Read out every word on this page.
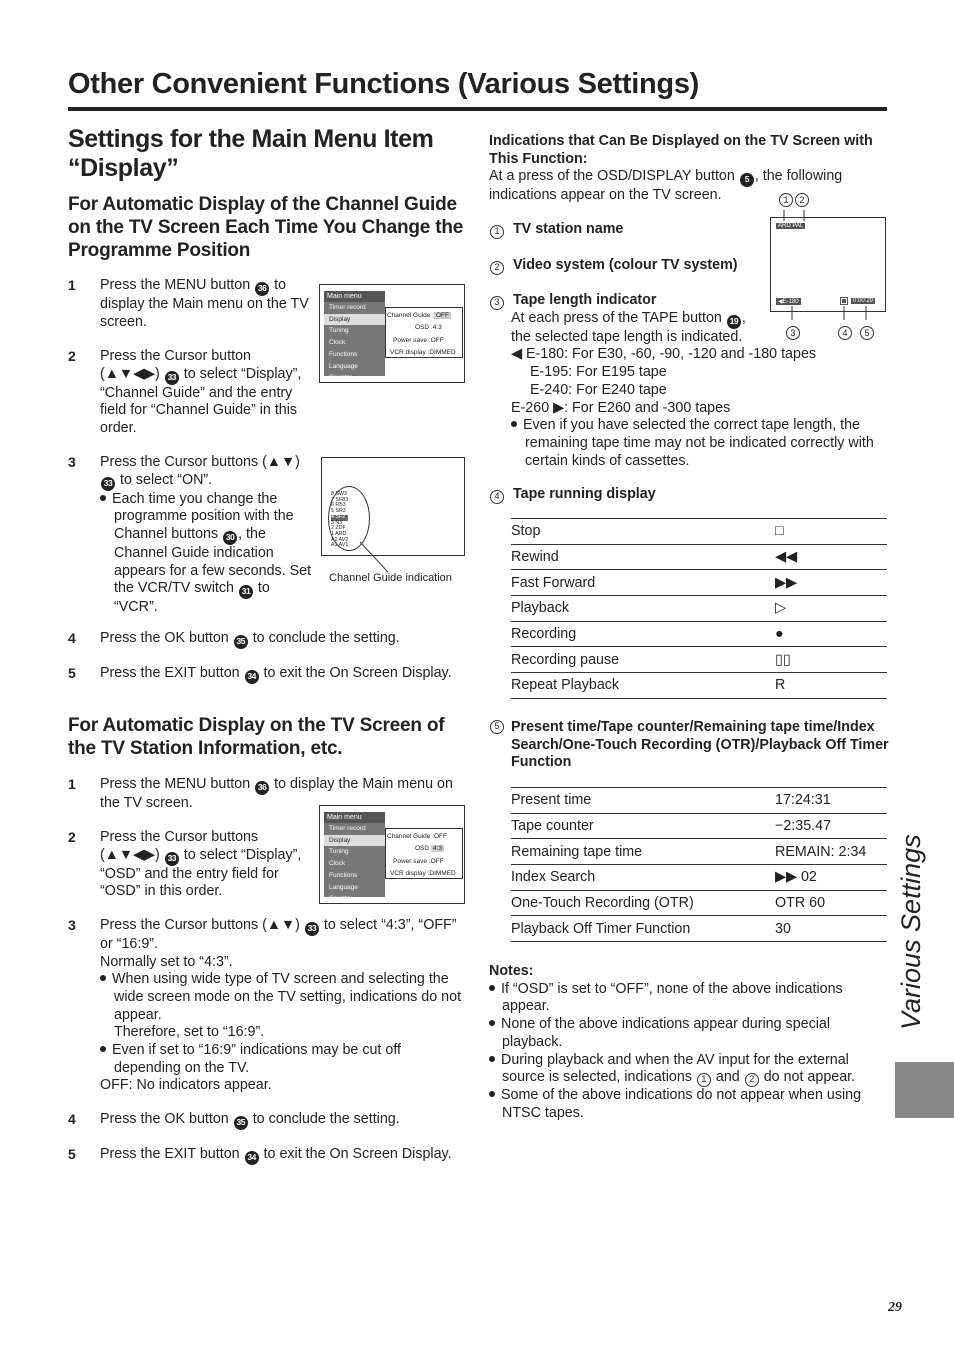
Other Convenient Functions (Various Settings)
Settings for the Main Menu Item “Display”
For Automatic Display of the Channel Guide on the TV Screen Each Time You Change the Programme Position
1	Press the MENU button 36 to display the Main menu on the TV screen.
2	Press the Cursor button (▲▼◀▶) 33 to select “Display”, “Channel Guide” and the entry field for “Channel Guide” in this order.
3	Press the Cursor buttons (▲▼) 33 to select “ON”.
Each time you change the programme position with the Channel buttons 30 , the Channel Guide indication appears for a few seconds. Set the VCR/TV switch 31 to “VCR”.
4	Press the OK button 35 to conclude the setting.
5	Press the EXIT button 34 to exit the On Screen Display.
Main menu
Timer record
Display
Tuning
Clock
Functions
Language
Country
Channel Guide : OFF
OSD :4:3
Power save :OFF
VCR display :DIMMED
8 SW3
7 SF83
6 RB3
5 SR3
4 SF2
3 N3
2 ZDF
1 ARD
A2 AV2
A1 AV1
Channel Guide indication
For Automatic Display on the TV Screen of the TV Station Information, etc.
1	Press the MENU button 36 to display the Main menu on the TV screen.
2	Press the Cursor buttons (▲▼◀▶) 33 to select “Display”, “OSD” and the entry field for “OSD” in this order.
3	Press the Cursor buttons (▲▼) 33 to select “4:3”, “OFF” or “16:9”.
Normally set to “4:3”.
When using wide type of TV screen and selecting the wide screen mode on the TV setting, indications do not appear.
Therefore, set to “16:9”.
Even if set to “16:9” indications may be cut off depending on the TV.
OFF: No indicators appear.
4	Press the OK button 35 to conclude the setting.
5	Press the EXIT button 34 to exit the On Screen Display.
Main menu
Timer record
Display
Tuning
Clock
Functions
Language
Country
Channel Guide :OFF
OSD 4:3
Power save :OFF
VCR display :DIMMED
Indications that Can Be Displayed on the TV Screen with This Function:
At a press of the OSD/DISPLAY button 5 , the following indications appear on the TV screen.	1 2
ARD PAL
◀E-180	0:00:29
3	4	5
1 TV station name
2 Video system (colour TV system)
3 Tape length indicator
At each press of the TAPE button 19 ,
the selected tape length is indicated.
◀ E-180: For E30, -60, -90, -120 and -180 tapes
E-195: For E195 tape
E-240: For E240 tape
E-260 ▶: For E260 and -300 tapes
Even if you have selected the correct tape length, the remaining tape time may not be indicated correctly with certain kinds of cassettes.
4 Tape running display
Stop	□
Rewind	◀◀
Fast Forward	▶▶
Playback	▷
Recording	●
Recording pause	▯▯
Repeat Playback	R
5 Present time/Tape counter/Remaining tape time/Index Search/One-Touch Recording (OTR)/Playback Off Timer Function
Present time	17:24:31
Tape counter	−2:35.47
Remaining tape time	REMAIN: 2:34
Index Search	▶▶ 02
One-Touch Recording (OTR)	OTR 60
Playback Off Timer Function	30
Notes:
If “OSD” is set to “OFF”, none of the above indications appear.
None of the above indications appear during special playback.
During playback and when the AV input for the external source is selected, indications 1 and 2 do not appear.
Some of the above indications do not appear when using NTSC tapes.
Various Settings
29
